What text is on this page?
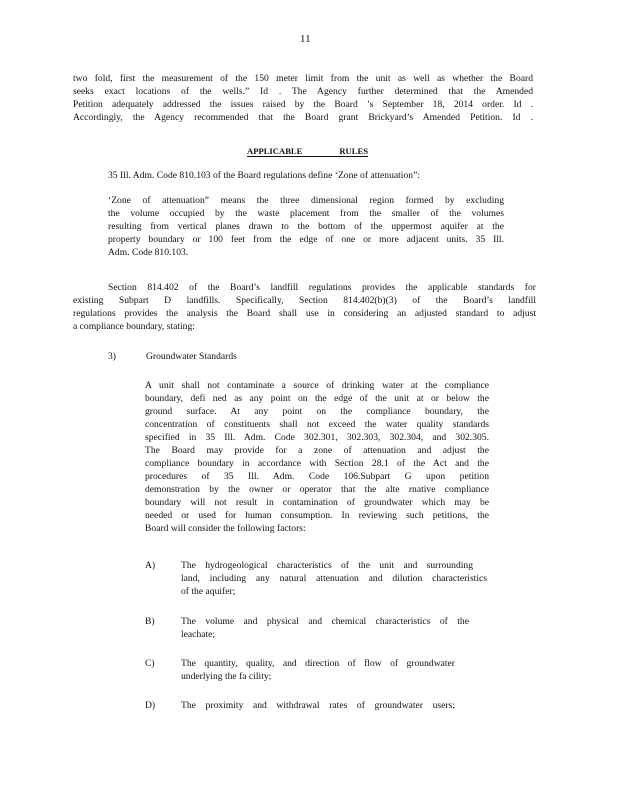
11
two fold, first the measurement of the 150 meter limit from the unit as well as whether the Board
seeks exact locations of the wells.” Id . The Agency further determined that the Amended
Petition adequately addressed the issues raised by the Board ’s September 18, 2014 order. Id .
Accordingly, the Agency recommended that the Board grant Brickyard’s Amended Petition. Id .
APPLICABLE RULES
35 Ill. Adm. Code 810.103 of the Board regulations define ‘Zone of attenuation”:
‘Zone of attenuation” means the three dimensional region formed by excluding
the volume occupied by the waste placement from the smaller of the volumes
resulting from vertical planes drawn to the bottom of the uppermost aquifer at the
property boundary or 100 feet from the edge of one or more adjacent units. 35 Ill.
Adm. Code 810.103.
Section 814.402 of the Board’s landfill regulations provides the applicable standards for
existing Subpart D landfills. Specifically, Section 814.402(b)(3) of the Board’s landfill
regulations provides the analysis the Board shall use in considering an adjusted standard to adjust
a compliance boundary, stating:
3)	Groundwater Standards
A unit shall not contaminate a source of drinking water at the compliance
boundary, defi ned as any point on the edge of the unit at or below the
ground surface. At any point on the compliance boundary, the
concentration of constituents shall not exceed the water quality standards
specified in 35 Ill. Adm. Code 302.301, 302.303, 302.304, and 302.305.
The Board may provide for a zone of attenuation and adjust the
compliance boundary in accordance with Section 28.1 of the Act and the
procedures of 35 Ill. Adm. Code 106.Subpart G upon petition
demonstration by the owner or operator that the alte rnative compliance
boundary will not result in contamination of groundwater which may be
needed or used for human consumption. In reviewing such petitions, the
Board will consider the following factors:
A)	The hydrogeological characteristics of the unit and surrounding
land, including any natural attenuation and dilution characteristics
of the aquifer;
B)	The volume and physical and chemical characteristics of the
leachate;
C)	The quantity, quality, and direction of flow of groundwater
underlying the fa cility;
D)	The proximity and withdrawal rates of groundwater users;
